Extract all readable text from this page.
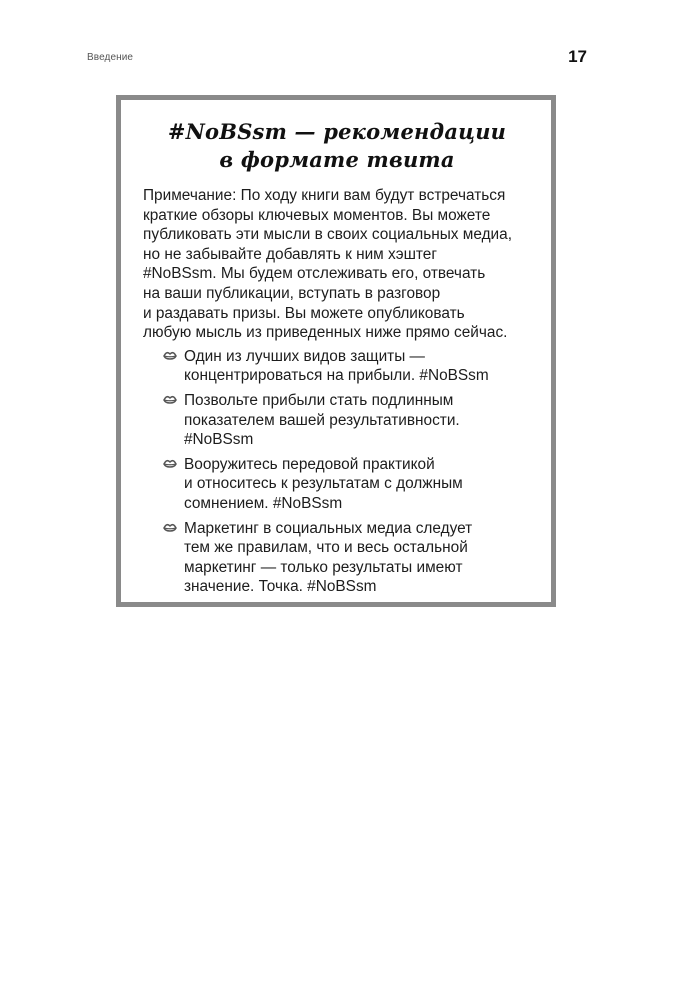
Введение	17
#NoBSsm — рекомендации
в формате твита

Примечание: По ходу книги вам будут встречаться
краткие обзоры ключевых моментов. Вы можете
публиковать эти мысли в своих социальных медиа,
но не забывайте добавлять к ним хэштег
#NoBSsm. Мы будем отслеживать его, отвечать
на ваши публикации, вступать в разговор
и раздавать призы. Вы можете опубликовать
любую мысль из приведенных ниже прямо сейчас.

Один из лучших видов защиты —
концентрироваться на прибыли. #NoBSsm
Позвольте прибыли стать подлинным
показателем вашей результативности.
#NoBSsm
Вооружитесь передовой практикой
и относитесь к результатам с должным
сомнением. #NoBSsm
Маркетинг в социальных медиа следует
тем же правилам, что и весь остальной
маркетинг — только результаты имеют
значение. Точка. #NoBSsm
